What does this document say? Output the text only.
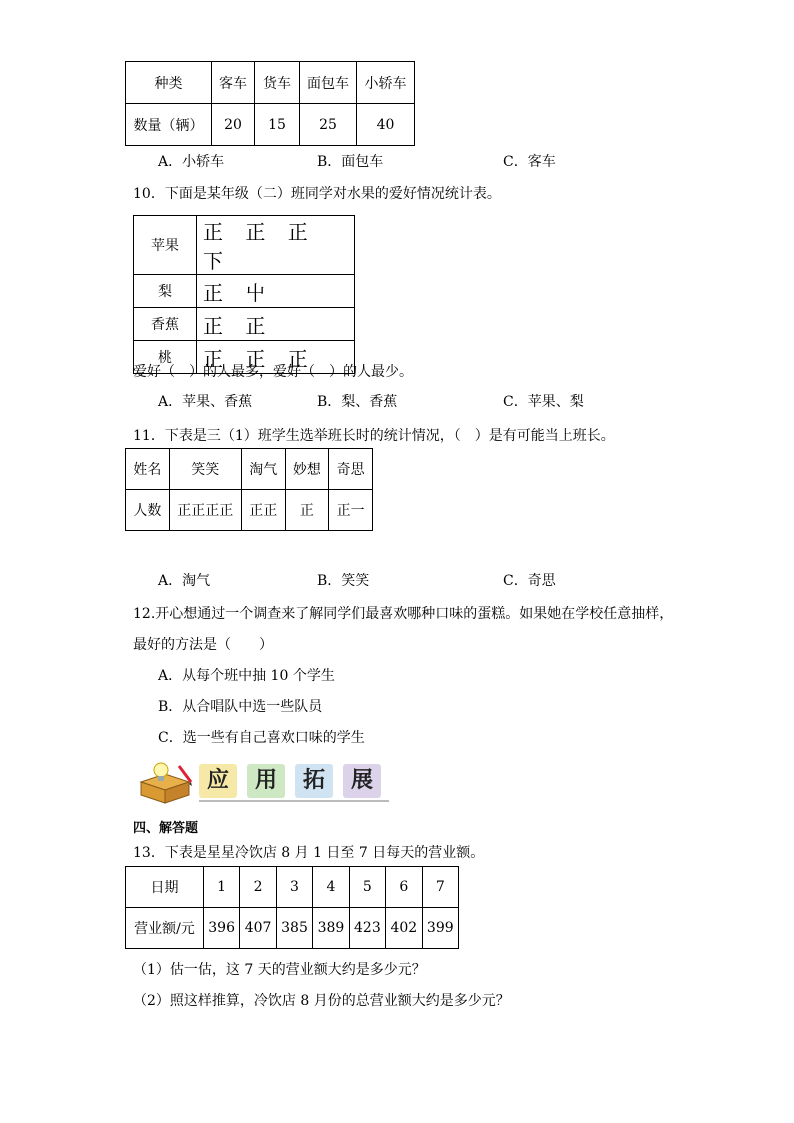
种类	客车	货车	面包车	小轿车
数量（辆）	20	15	25	40
A．小轿车	B．面包车	C．客车
10．下面是某年级（二）班同学对水果的爱好情况统计表。
苹果	正 正 正 下
梨	正 ⼬
香蕉	正 正
桃	正 正 正
爱好（　）的人最多，爱好（　）的人最少。
A．苹果、香蕉	B．梨、香蕉	C．苹果、梨
11．下表是三（1）班学生选举班长时的统计情况，（　）是有可能当上班长。
姓名	笑笑	淘气	妙想	奇思
人数	正正正正	正正	正	正一
A．淘气	B．笑笑	C．奇思
12.开心想通过一个调查来了解同学们最喜欢哪种口味的蛋糕。如果她在学校任意抽样，
最好的方法是（　　）
A．从每个班中抽 10 个学生
B．从合唱队中选一些队员
C．选一些有自己喜欢口味的学生
应	用	拓	展
四、解答题
13．下表是星星冷饮店 8 月 1 日至 7 日每天的营业额。
日期	1	2	3	4	5	6	7
营业额/元	396	407	385	389	423	402	399
（1）估一估，这 7 天的营业额大约是多少元？
（2）照这样推算，冷饮店 8 月份的总营业额大约是多少元？
